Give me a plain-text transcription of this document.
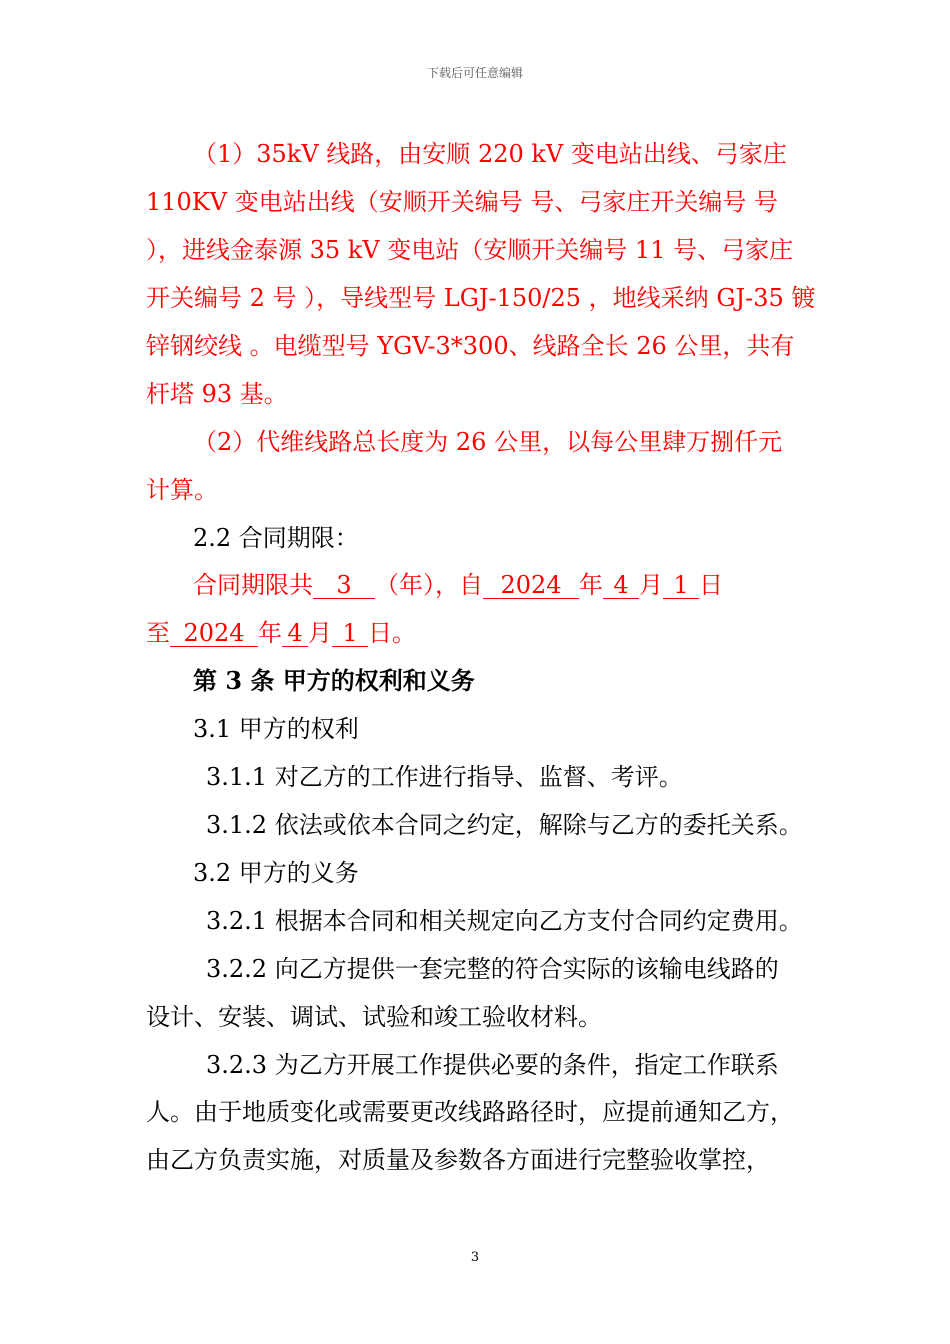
下载后可任意编辑
（1）35kV 线路，由安顺 220 kV 变电站出线、弓家庄
110KV 变电站出线（安顺开关编号 号、弓家庄开关编号 号
），进线金泰源 35 kV 变电站（安顺开关编号 11 号、弓家庄
开关编号 2 号 ），导线型号 LGJ-150/25 ，地线采纳 GJ-35 镀
锌钢绞线 。电缆型号 YGV-3*300、线路全长 26 公里，共有
杆塔 93 基。
（2）代维线路总长度为 26 公里，以每公里肆万捌仟元
计算。
2.2 合同期限：
合同期限共 3 （年），自 2024 年 4 月 1 日
至 2024 年 4 月 1 日。
第 3 条 甲方的权利和义务
3.1 甲方的权利
3.1.1 对乙方的工作进行指导、监督、考评。
3.1.2 依法或依本合同之约定，解除与乙方的委托关系。
3.2 甲方的义务
3.2.1 根据本合同和相关规定向乙方支付合同约定费用。
3.2.2 向乙方提供一套完整的符合实际的该输电线路的
设计、安装、调试、试验和竣工验收材料。
3.2.3 为乙方开展工作提供必要的条件，指定工作联系
人。由于地质变化或需要更改线路路径时，应提前通知乙方，
由乙方负责实施，对质量及参数各方面进行完整验收掌控，
3
